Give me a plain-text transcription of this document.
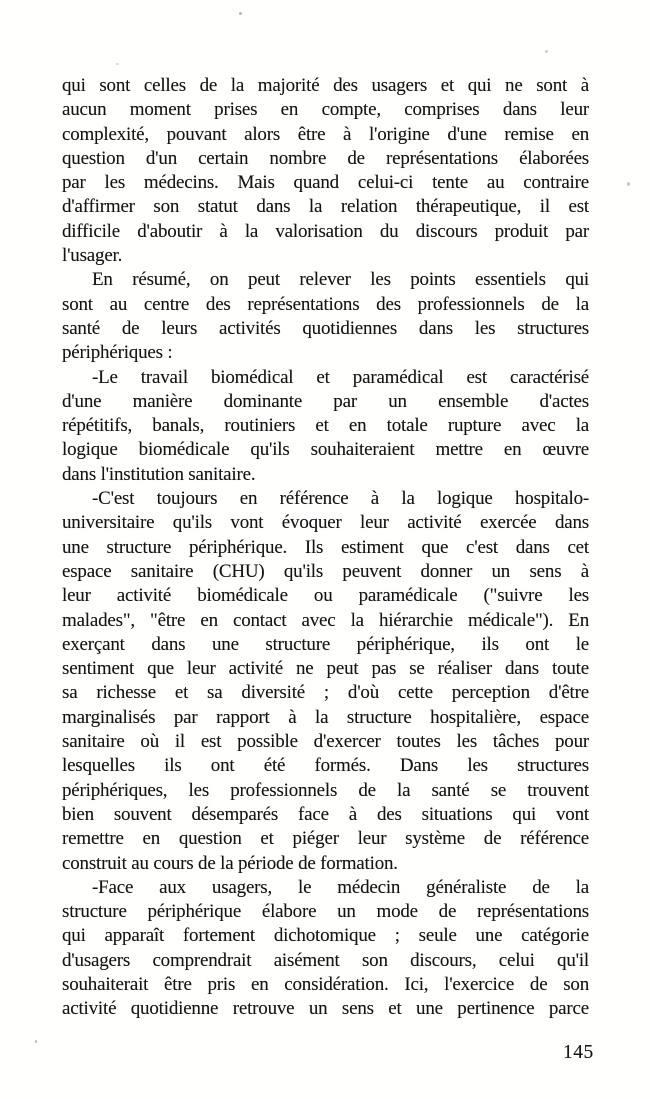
qui sont celles de la majorité des usagers et qui ne sont à
aucun moment prises en compte, comprises dans leur
complexité, pouvant alors être à l'origine d'une remise en
question d'un certain nombre de représentations élaborées
par les médecins. Mais quand celui-ci tente au contraire
d'affirmer son statut dans la relation thérapeutique, il est
difficile d'aboutir à la valorisation du discours produit par
l'usager.
En résumé, on peut relever les points essentiels qui
sont au centre des représentations des professionnels de la
santé de leurs activités quotidiennes dans les structures
périphériques :
-Le travail biomédical et paramédical est caractérisé
d'une manière dominante par un ensemble d'actes
répétitifs, banals, routiniers et en totale rupture avec la
logique biomédicale qu'ils souhaiteraient mettre en œuvre
dans l'institution sanitaire.
-C'est toujours en référence à la logique hospitalo-
universitaire qu'ils vont évoquer leur activité exercée dans
une structure périphérique. Ils estiment que c'est dans cet
espace sanitaire (CHU) qu'ils peuvent donner un sens à
leur activité biomédicale ou paramédicale ("suivre les
malades", "être en contact avec la hiérarchie médicale"). En
exerçant dans une structure périphérique, ils ont le
sentiment que leur activité ne peut pas se réaliser dans toute
sa richesse et sa diversité ; d'où cette perception d'être
marginalisés par rapport à la structure hospitalière, espace
sanitaire où il est possible d'exercer toutes les tâches pour
lesquelles ils ont été formés. Dans les structures
périphériques, les professionnels de la santé se trouvent
bien souvent désemparés face à des situations qui vont
remettre en question et piéger leur système de référence
construit au cours de la période de formation.
-Face aux usagers, le médecin généraliste de la
structure périphérique élabore un mode de représentations
qui apparaît fortement dichotomique ; seule une catégorie
d'usagers comprendrait aisément son discours, celui qu'il
souhaiterait être pris en considération. Ici, l'exercice de son
activité quotidienne retrouve un sens et une pertinence parce
145
